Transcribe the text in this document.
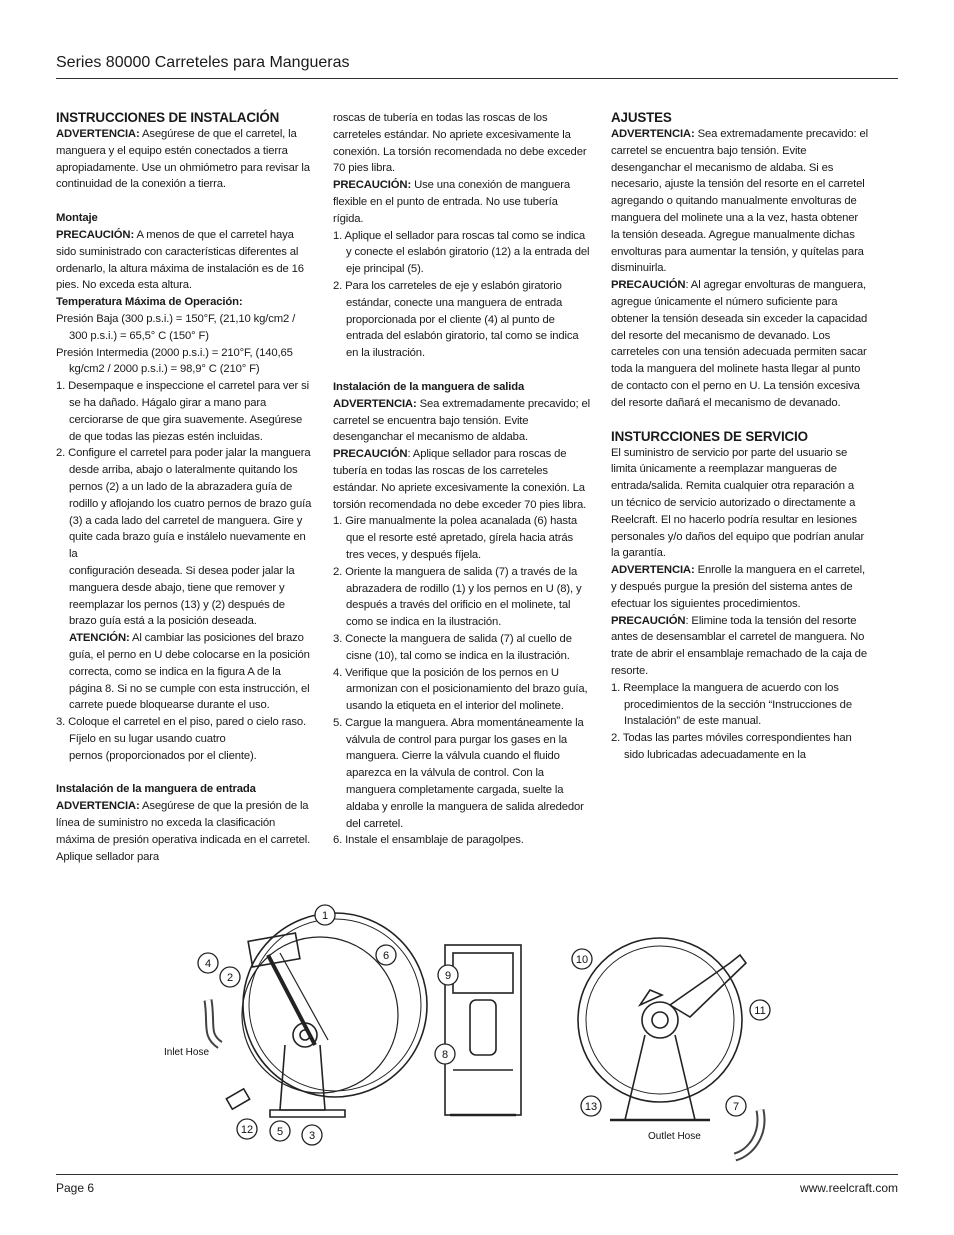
Series 80000 Carreteles para Mangueras

INSTRUCCIONES DE INSTALACIÓN

ADVERTENCIA: Asegúrese de que el carretel, la manguera y el equipo estén conectados a tierra apropiadamente. Use un ohmiómetro para revisar la continuidad de la conexión a tierra.

Montaje

PRECAUCIÓN: A menos de que el carretel haya sido suministrado con características diferentes al ordenarlo, la altura máxima de instalación es de 16 pies. No exceda esta altura.

Temperatura Máxima de Operación:

Presión Baja (300 p.s.i.) = 150°F, (21,10 kg/cm2 / 300 p.s.i.) = 65,5° C (150° F)

Presión Intermedia (2000 p.s.i.) = 210°F, (140,65 kg/cm2 / 2000 p.s.i.) = 98,9° C (210° F)

1. Desempaque e inspeccione el carretel para ver si se ha dañado. Hágalo girar a mano para cerciorarse de que gira suavemente. Asegúrese de que todas las piezas estén incluidas.

2. Configure el carretel para poder jalar la manguera desde arriba, abajo o lateralmente quitando los pernos (2) a un lado de la abrazadera guía de rodillo y aflojando los cuatro pernos de brazo guía (3) a cada lado del carretel de manguera. Gire y quite cada brazo guía e instálelo nuevamente en la

configuración deseada. Si desea poder jalar la manguera desde abajo, tiene que remover y reemplazar los pernos (13) y (2) después de brazo guía está a la posición deseada.

ATENCIÓN: Al cambiar las posiciones del brazo guía, el perno en U debe colocarse en la posición correcta, como se indica en la figura A de la página 8. Si no se cumple con esta instrucción, el carrete puede bloquearse durante el uso.

3. Coloque el carretel en el piso, pared o cielo raso. Fíjelo en su lugar usando cuatro

pernos (proporcionados por el cliente).

Instalación de la manguera de entrada

ADVERTENCIA: Asegúrese de que la presión de la línea de suministro no exceda la clasificación máxima de presión operativa indicada en el carretel. Aplique sellador para

roscas de tubería en todas las roscas de los carreteles estándar. No apriete excesivamente la conexión. La torsión recomendada no debe exceder 70 pies libra.

PRECAUCIÓN: Use una conexión de manguera flexible en el punto de entrada. No use tubería rígida.

1. Aplique el sellador para roscas tal como se indica y conecte el eslabón giratorio (12) a la entrada del eje principal (5).

2. Para los carreteles de eje y eslabón giratorio estándar, conecte una manguera de entrada proporcionada por el cliente (4) al punto de entrada del eslabón giratorio, tal como se indica en la ilustración.

Instalación de la manguera de salida

ADVERTENCIA: Sea extremadamente precavido; el carretel se encuentra bajo tensión. Evite desenganchar el mecanismo de aldaba.

PRECAUCIÓN: Aplique sellador para roscas de tubería en todas las roscas de los carreteles estándar. No apriete excesivamente la conexión. La torsión recomendada no debe exceder 70 pies libra.

1. Gire manualmente la polea acanalada (6) hasta que el resorte esté apretado, gírela hacia atrás tres veces, y después fíjela.

2. Oriente la manguera de salida (7) a través de la abrazadera de rodillo (1) y los pernos en U (8), y después a través del orificio en el molinete, tal como se indica en la ilustración.

3. Conecte la manguera de salida (7) al cuello de cisne (10), tal como se indica en la ilustración.

4. Verifique que la posición de los pernos en U armonizan con el posicionamiento del brazo guía, usando la etiqueta en el interior del molinete.

5. Cargue la manguera. Abra momentáneamente la válvula de control para purgar los gases en la manguera. Cierre la válvula cuando el fluido aparezca en la válvula de control. Con la manguera completamente cargada, suelte la aldaba y enrolle la manguera de salida alrededor del carretel.

6. Instale el ensamblaje de paragolpes.

AJUSTES

ADVERTENCIA: Sea extremadamente precavido: el carretel se encuentra bajo tensión. Evite desenganchar el mecanismo de aldaba. Si es necesario, ajuste la tensión del resorte en el carretel agregando o quitando manualmente envolturas de manguera del molinete una a la vez, hasta obtener la tensión deseada. Agregue manualmente dichas envolturas para aumentar la tensión, y quítelas para disminuirla.

PRECAUCIÓN: Al agregar envolturas de manguera, agregue únicamente el número suficiente para obtener la tensión deseada sin exceder la capacidad del resorte del mecanismo de devanado. Los carreteles con una tensión adecuada permiten sacar toda la manguera del molinete hasta llegar al punto de contacto con el perno en U. La tensión excesiva del resorte dañará el mecanismo de devanado.

INSTURCCIONES DE SERVICIO

El suministro de servicio por parte del usuario se limita únicamente a reemplazar mangueras de entrada/salida. Remita cualquier otra reparación a un técnico de servicio autorizado o directamente a Reelcraft. El no hacerlo podría resultar en lesiones personales y/o daños del equipo que podrían anular la garantía.

ADVERTENCIA: Enrolle la manguera en el carretel, y después purgue la presión del sistema antes de efectuar los siguientes procedimientos.

PRECAUCIÓN: Elimine toda la tensión del resorte antes de desensamblar el carretel de manguera. No trate de abrir el ensamblaje remachado de la caja de resorte.

1. Reemplace la manguera de acuerdo con los procedimientos de la sección “Instrucciones de Instalación” de este manual.

2. Todas las partes móviles correspondientes han sido lubricadas adecuadamente en la

1
2
3
4
5
6
7
8
9
10
11
12
13
Inlet Hose
Outlet Hose
Page 6	www.reelcraft.com
